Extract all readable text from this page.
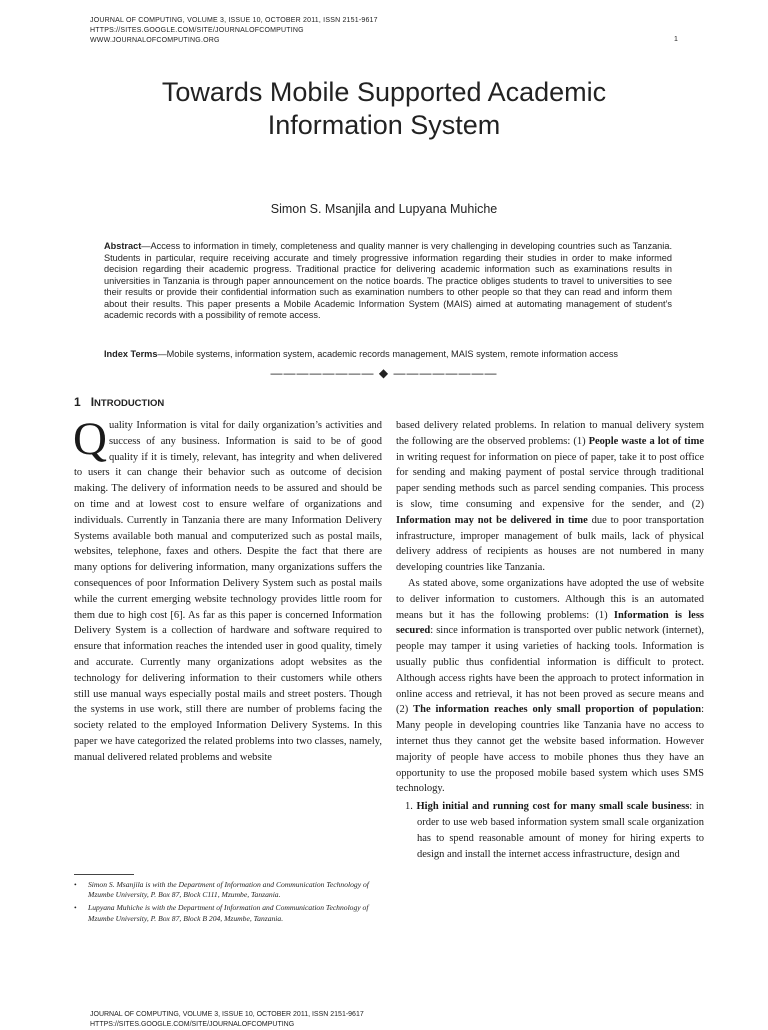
JOURNAL OF COMPUTING, VOLUME 3, ISSUE 10, OCTOBER 2011, ISSN 2151-9617
HTTPS://SITES.GOOGLE.COM/SITE/JOURNALOFCOMPUTING
WWW.JOURNALOFCOMPUTING.ORG	1
Towards Mobile Supported Academic
Information System
Simon S. Msanjila and Lupyana Muhiche
Abstract—Access to information in timely, completeness and quality manner is very challenging in developing countries such as Tanzania. Students in particular, require receiving accurate and timely progressive information regarding their studies in order to make informed decision regarding their academic progress. Traditional practice for delivering academic information such as examinations results in universities in Tanzania is through paper announcement on the notice boards. The practice obliges students to travel to universities to see their results or provide their confidential information such as examination numbers to other people so that they can read and inform them about their results. This paper presents a Mobile Academic Information System (MAIS) aimed at automating management of student’s academic records with a possibility of remote access.
Index Terms—Mobile systems, information system, academic records management, MAIS system, remote information access
———————— ◆ ————————
1 INTRODUCTION

Quality Information is vital for daily organization’s activities and success of any business. Information is said to be of good quality if it is timely, relevant, has integrity and when delivered to users it can change their behavior such as outcome of decision making. The delivery of information needs to be assured and should be on time and at lowest cost to ensure welfare of organizations and individuals. Currently in Tanzania there are many Information Delivery Systems available both manual and computerized such as postal mails, websites, telephone, faxes and others. Despite the fact that there are many options for delivering information, many organizations suffers the consequences of poor Information Delivery System such as postal mails while the current emerging website technology provides little room for them due to high cost [6]. As far as this paper is concerned Information Delivery System is a collection of hardware and software required to ensure that information reaches the intended user in good quality, timely and accurate. Currently many organizations adopt websites as the technology for delivering information to their customers while others still use manual ways especially postal mails and street posters. Though the systems in use work, still there are number of problems facing the society related to the employed Information Delivery Systems. In this paper we have categorized the related problems into two classes, namely, manual delivered related problems and website

based delivery related problems. In relation to manual delivery system the following are the observed problems: (1) People waste a lot of time in writing request for information on piece of paper, take it to post office for sending and making payment of postal service through traditional paper sending methods such as parcel sending companies. This process is slow, time consuming and expensive for the sender, and (2) Information may not be delivered in time due to poor transportation infrastructure, improper management of bulk mails, lack of physical delivery address of recipients as houses are not numbered in many developing countries like Tanzania.

As stated above, some organizations have adopted the use of website to deliver information to customers. Although this is an automated means but it has the following problems: (1) Information is less secured: since information is transported over public network (internet), people may tamper it using varieties of hacking tools. Information is usually public thus confidential information is difficult to protect. Although access rights have been the approach to protect information in online access and retrieval, it has not been proved as secure means and (2) The information reaches only small proportion of population: Many people in developing countries like Tanzania have no access to internet thus they cannot get the website based information. However majority of people have access to mobile phones thus they have an opportunity to use the proposed mobile based system which uses SMS technology.

1. High initial and running cost for many small scale business: in order to use web based information system small scale organization has to spend reasonable amount of money for hiring experts to design and install the internet access infrastructure, design and

• Simon S. Msanjila is with the Department of Information and Communication Technology of Mzumbe University, P. Box 87, Block C111, Mzumbe, Tanzania.
• Lupyana Muhiche is with the Department of Information and Communication Technology of Mzumbe University, P. Box 87, Block B 204, Mzumbe, Tanzania.
JOURNAL OF COMPUTING, VOLUME 3, ISSUE 10, OCTOBER 2011, ISSN 2151-9617
HTTPS://SITES.GOOGLE.COM/SITE/JOURNALOFCOMPUTING
